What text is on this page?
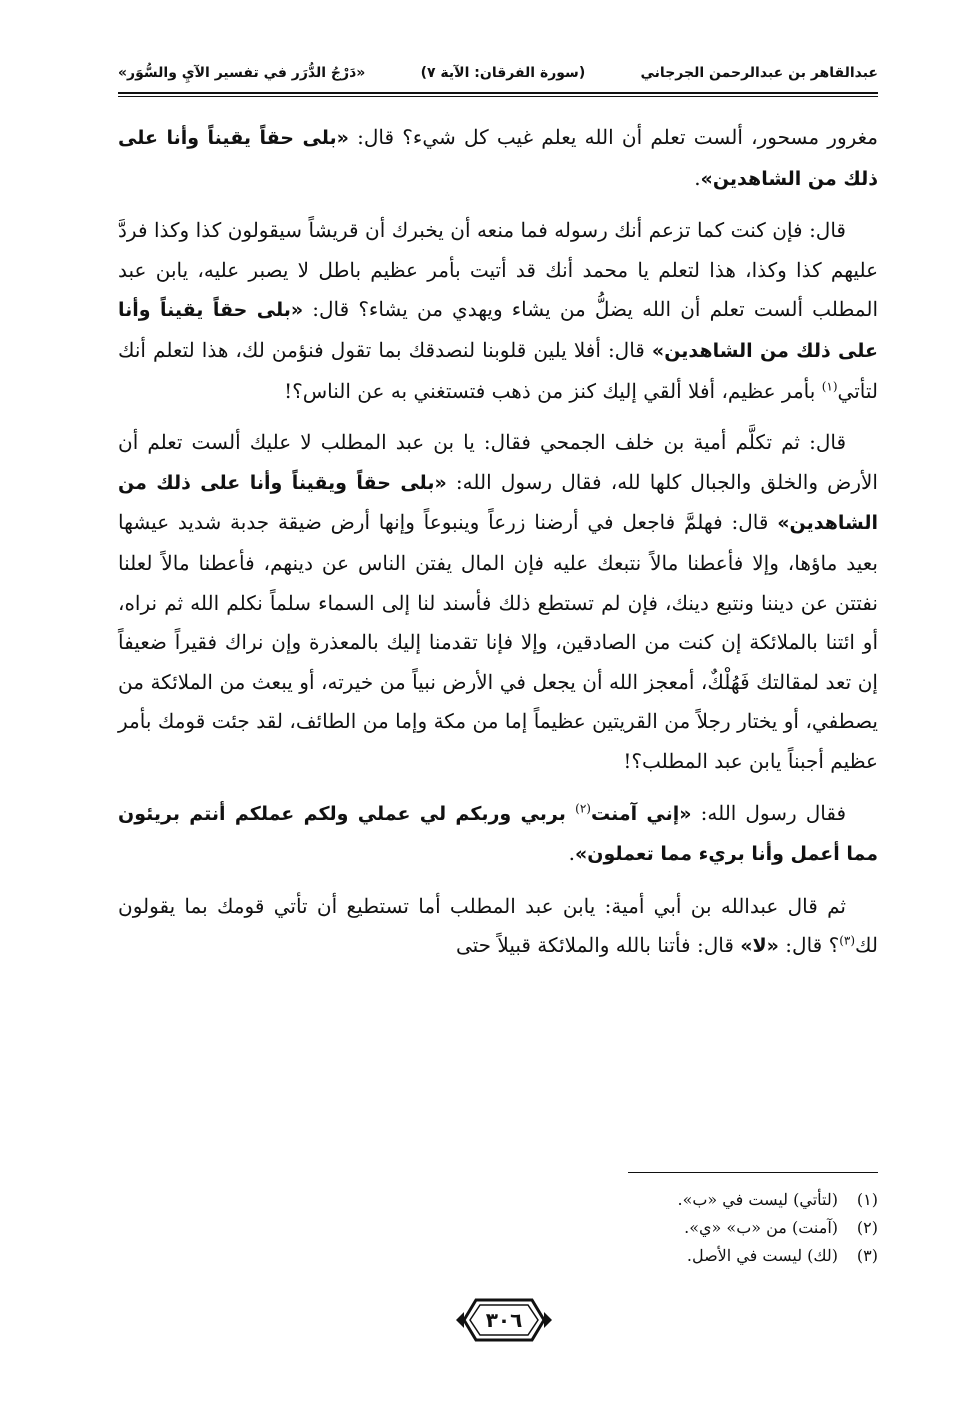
عبدالقاهر بن عبدالرحمن الجرجاني
(سورة الفرقان: الآية ٧)
«دَرْجُ الدُّرَر في تفسير الآيِ والسُّوَر»

مغرور مسحور، ألست تعلم أن الله يعلم غيب كل شيء؟ قال: «بلى حقاً يقيناً وأنا على ذلك من الشاهدين».

قال: فإن كنت كما تزعم أنك رسوله فما منعه أن يخبرك أن قريشاً سيقولون كذا وكذا فردَّ عليهم كذا وكذا، هذا لتعلم يا محمد أنك قد أتيت بأمر عظيم باطل لا يصبر عليه، يابن عبد المطلب ألست تعلم أن الله يضلُّ من يشاء ويهدي من يشاء؟ قال: «بلى حقاً يقيناً وأنا على ذلك من الشاهدين» قال: أفلا يلين قلوبنا لنصدقك بما تقول فنؤمن لك، هذا لتعلم أنك لتأتي$^{(١)}$ بأمر عظيم، أفلا ألقي إليك كنز من ذهب فتستغني به عن الناس؟!

قال: ثم تكلَّم أمية بن خلف الجمحي فقال: يا بن عبد المطلب لا عليك ألست تعلم أن الأرض والخلق والجبال كلها لله، فقال رسول الله: «بلى حقاً ويقيناً وأنا على ذلك من الشاهدين» قال: فهلمَّ فاجعل في أرضنا زرعاً وينبوعاً وإنها أرض ضيقة جدبة شديد عيشها بعيد ماؤها، وإلا فأعطنا مالاً نتبعك عليه فإن المال يفتن الناس عن دينهم، فأعطنا مالاً لعلنا نفتتن عن ديننا ونتبع دينك، فإن لم تستطع ذلك فأسند لنا إلى السماء سلماً نكلم الله ثم نراه، أو ائتنا بالملائكة إن كنت من الصادقين، وإلا فإنا تقدمنا إليك بالمعذرة وإن نراك فقيراً ضعيفاً إن تعد لمقالتك فَهُلْكٌ، أمعجز الله أن يجعل في الأرض نبياً من خيرته، أو يبعث من الملائكة من يصطفي، أو يختار رجلاً من القريتين عظيماً إما من مكة وإما من الطائف، لقد جئت قومك بأمر عظيم أجبناً يابن عبد المطلب؟!

فقال رسول الله: «إني آمنت$^{(٢)}$ بربي وربكم لي عملي ولكم عملكم أنتم بريئون مما أعمل وأنا بريء مما تعملون».

ثم قال عبدالله بن أبي أمية: يابن عبد المطلب أما تستطيع أن تأتي قومك بما يقولون لك$^{(٣)}$؟ قال: «لا» قال: فأتنا بالله والملائكة قبيلاً حتى

(١)
(لتأتي) ليست في «ب».
(٢)
(آمنت) من «ب» «ي».
(٣)
(لك) ليست في الأصل.
٣٠٦
